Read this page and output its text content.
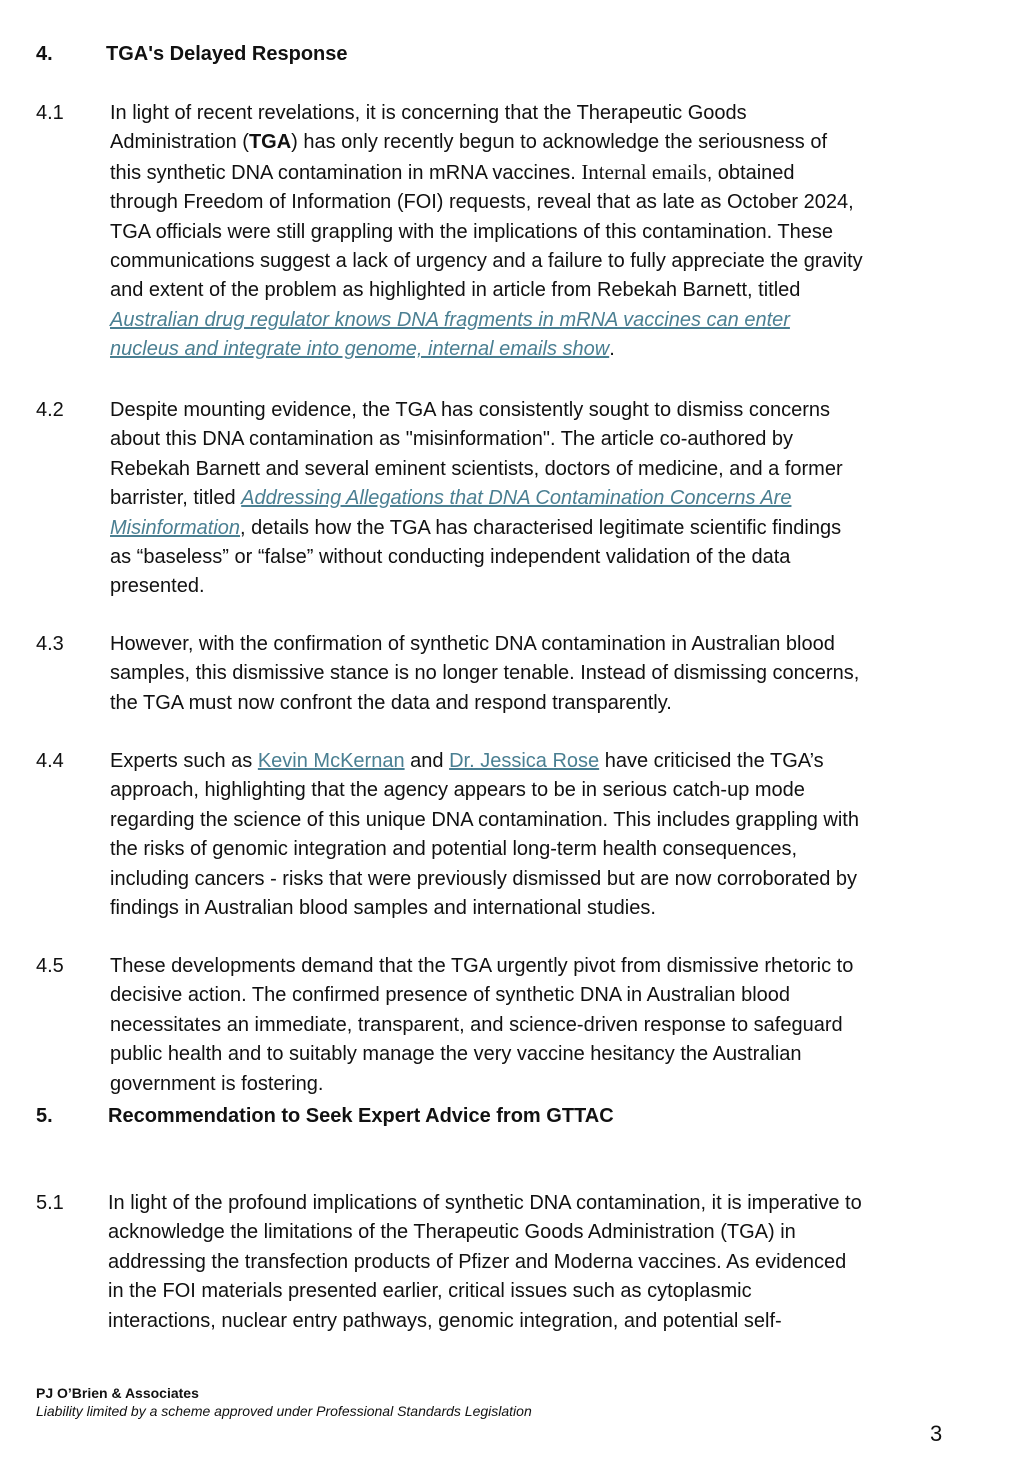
4.	TGA's Delayed Response
4.1 In light of recent revelations, it is concerning that the Therapeutic Goods
Administration (TGA) has only recently begun to acknowledge the seriousness of
this synthetic DNA contamination in mRNA vaccines. Internal emails, obtained
through Freedom of Information (FOI) requests, reveal that as late as October 2024,
TGA officials were still grappling with the implications of this contamination. These
communications suggest a lack of urgency and a failure to fully appreciate the gravity
and extent of the problem as highlighted in article from Rebekah Barnett, titled
Australian drug regulator knows DNA fragments in mRNA vaccines can enter
nucleus and integrate into genome, internal emails show.
4.2 Despite mounting evidence, the TGA has consistently sought to dismiss concerns
about this DNA contamination as "misinformation". The article co-authored by
Rebekah Barnett and several eminent scientists, doctors of medicine, and a former
barrister, titled Addressing Allegations that DNA Contamination Concerns Are
Misinformation, details how the TGA has characterised legitimate scientific findings
as “baseless” or “false” without conducting independent validation of the data
presented.
4.3 However, with the confirmation of synthetic DNA contamination in Australian blood
samples, this dismissive stance is no longer tenable. Instead of dismissing concerns,
the TGA must now confront the data and respond transparently.
4.4 Experts such as Kevin McKernan and Dr. Jessica Rose have criticised the TGA’s
approach, highlighting that the agency appears to be in serious catch-up mode
regarding the science of this unique DNA contamination. This includes grappling with
the risks of genomic integration and potential long-term health consequences,
including cancers - risks that were previously dismissed but are now corroborated by
findings in Australian blood samples and international studies.
4.5 These developments demand that the TGA urgently pivot from dismissive rhetoric to
decisive action. The confirmed presence of synthetic DNA in Australian blood
necessitates an immediate, transparent, and science-driven response to safeguard
public health and to suitably manage the very vaccine hesitancy the Australian
government is fostering.
5.	Recommendation to Seek Expert Advice from GTTAC
5.1 In light of the profound implications of synthetic DNA contamination, it is imperative to
acknowledge the limitations of the Therapeutic Goods Administration (TGA) in
addressing the transfection products of Pfizer and Moderna vaccines. As evidenced
in the FOI materials presented earlier, critical issues such as cytoplasmic
interactions, nuclear entry pathways, genomic integration, and potential self-
PJ O’Brien & Associates
Liability limited by a scheme approved under Professional Standards Legislation
3
